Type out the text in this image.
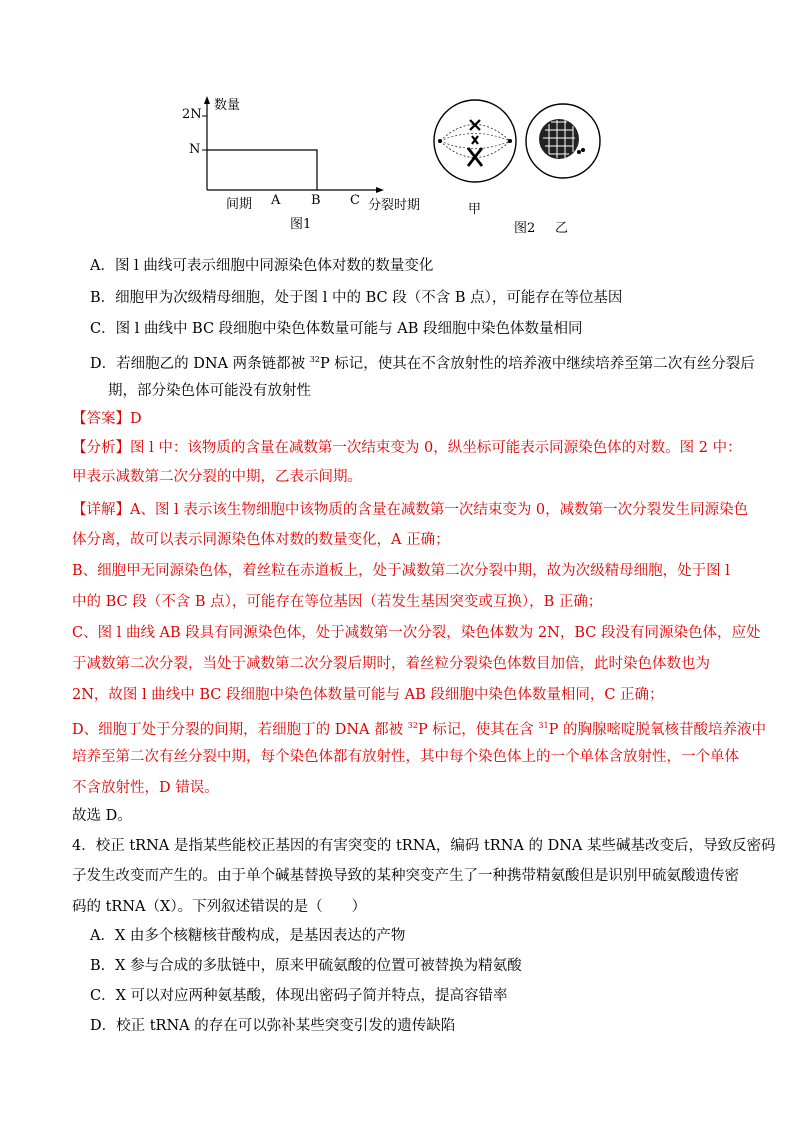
数量
2N
N
间期 A B C 分裂时期
图1
甲
乙
图2
A．图 l 曲线可表示细胞中同源染色体对数的数量变化
B．细胞甲为次级精母细胞，处于图 l 中的 BC 段（不含 B 点），可能存在等位基因
C．图 l 曲线中 BC 段细胞中染色体数量可能与 AB 段细胞中染色体数量相同
D．若细胞乙的 DNA 两条链都被 $^{32}$P 标记，使其在不含放射性的培养液中继续培养至第二次有丝分裂后
期，部分染色体可能没有放射性
【答案】D
【分析】图 l 中：该物质的含量在减数第一次结束变为 0，纵坐标可能表示同源染色体的对数。图 2 中：
甲表示减数第二次分裂的中期，乙表示间期。
【详解】A、图 l 表示该生物细胞中该物质的含量在减数第一次结束变为 0，减数第一次分裂发生同源染色
体分离，故可以表示同源染色体对数的数量变化，A 正确；
B、细胞甲无同源染色体，着丝粒在赤道板上，处于减数第二次分裂中期，故为次级精母细胞，处于图 l
中的 BC 段（不含 B 点），可能存在等位基因（若发生基因突变或互换），B 正确；
C、图 l 曲线 AB 段具有同源染色体，处于减数第一次分裂，染色体数为 2N，BC 段没有同源染色体，应处
于减数第二次分裂，当处于减数第二次分裂后期时，着丝粒分裂染色体数目加倍，此时染色体数也为
2N，故图 l 曲线中 BC 段细胞中染色体数量可能与 AB 段细胞中染色体数量相同，C 正确；
D、细胞丁处于分裂的间期，若细胞丁的 DNA 都被 $^{32}$P 标记，使其在含 $^{31}$P 的胸腺嘧啶脱氧核苷酸培养液中
培养至第二次有丝分裂中期，每个染色体都有放射性，其中每个染色体上的一个单体含放射性，一个单体
不含放射性，D 错误。
故选 D。
4．校正 tRNA 是指某些能校正基因的有害突变的 tRNA，编码 tRNA 的 DNA 某些碱基改变后，导致反密码
子发生改变而产生的。由于单个碱基替换导致的某种突变产生了一种携带精氨酸但是识别甲硫氨酸遗传密
码的 tRNA（X）。下列叙述错误的是（　　）
A．X 由多个核糖核苷酸构成，是基因表达的产物
B．X 参与合成的多肽链中，原来甲硫氨酸的位置可被替换为精氨酸
C．X 可以对应两种氨基酸，体现出密码子简并特点，提高容错率
D．校正 tRNA 的存在可以弥补某些突变引发的遗传缺陷
